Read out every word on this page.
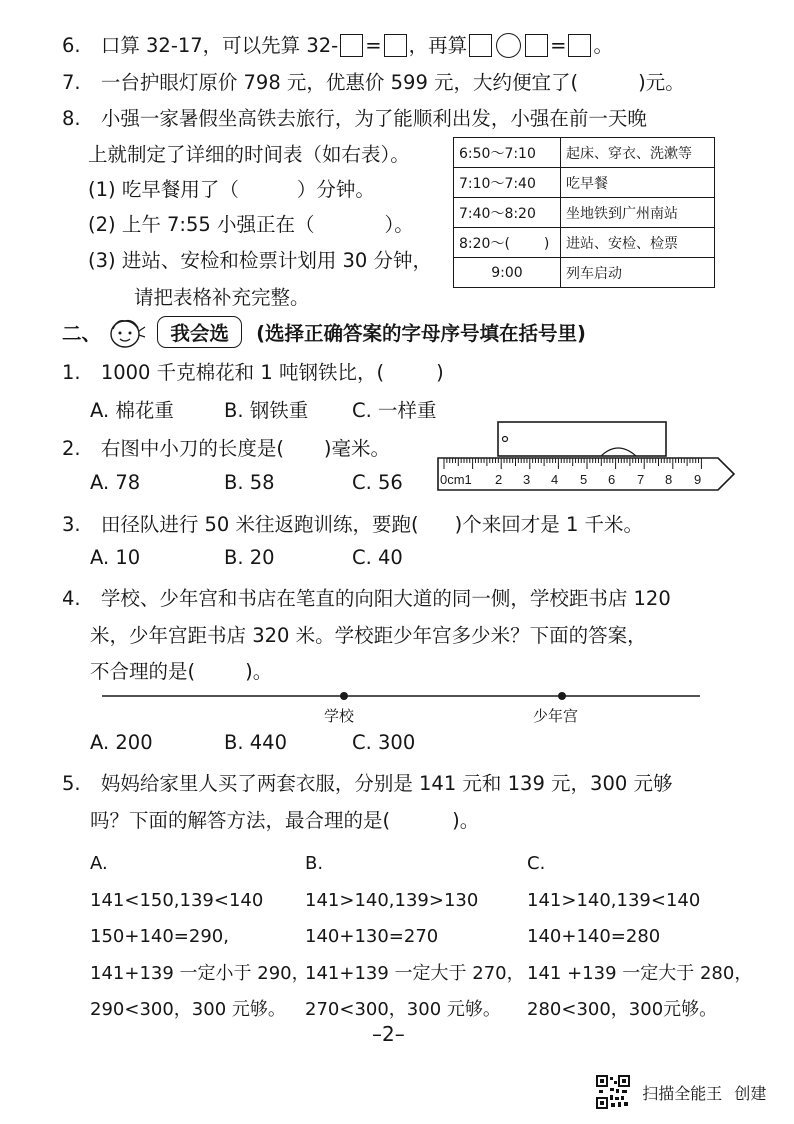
6. 口算 32-17，可以先算 32- = ，再算	= 。
7. 一台护眼灯原价 798 元，优惠价 599 元，大约便宜了(	)元。
8. 小强一家暑假坐高铁去旅行，为了能顺利出发，小强在前一天晚
上就制定了详细的时间表（如右表）。
(1) 吃早餐用了（	）分钟。
(2) 上午 7:55 小强正在（	）。
(3) 进站、安检和检票计划用 30 分钟，
请把表格补充完整。
6:50～7:10	起床、穿衣、洗漱等
7:10～7:40	吃早餐
7:40～8:20	坐地铁到广州南站
8:20～( )	进站、安检、检票
9:00	列车启动
二、	我会选 (选择正确答案的字母序号填在括号里)
1. 1000 千克棉花和 1 吨钢铁比，(	)
A. 棉花重	B. 钢铁重 C. 一样重
2. 右图中小刀的长度是( )毫米。
A. 78	B. 58	C. 56	0cm1 2 3 4 5 6 7 8 9
3. 田径队进行 50 米往返跑训练，要跑( )个来回才是 1 千米。
A. 10	B. 20	C. 40
4. 学校、少年宫和书店在笔直的向阳大道的同一侧，学校距书店 120
米，少年宫距书店 320 米。学校距少年宫多少米？下面的答案，
不合理的是(	)。
学校	少年宫
A. 200	B. 440	C. 300
5. 妈妈给家里人买了两套衣服，分别是 141 元和 139 元，300 元够
吗？下面的解答方法，最合理的是(	)。
A.
141<150,139<140
150+140=290,
141+139 一定小于 290，
290<300，300 元够。
B.
141>140,139>130
140+130=270
141+139 一定大于 270，
270<300，300 元够。
C.
141>140,139<140
140+140=280
141 +139 一定大于 280，
280<300，300元够。
–2–
扫描全能王 创建
